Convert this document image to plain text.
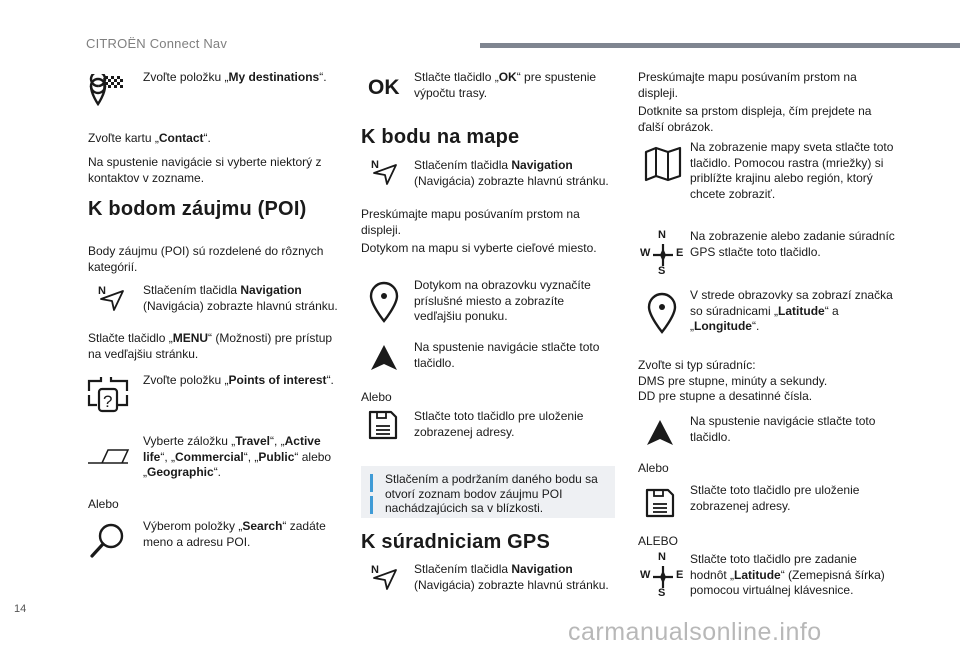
CITROËN Connect Nav
Zvoľte položku „My destinations“.
Zvoľte kartu „Contact“.
Na spustenie navigácie si vyberte niektorý z kontaktov v zozname.
K bodom záujmu (POI)
Body záujmu (POI) sú rozdelené do rôznych kategórií.
N	Stlačením tlačidla Navigation (Navigácia) zobrazte hlavnú stránku.
Stlačte tlačidlo „MENU“ (Možnosti) pre prístup na vedľajšiu stránku.
?
Zvoľte položku „Points of interest“.
Vyberte záložku „Travel“, „Active life“, „Commercial“, „Public“ alebo „Geographic“.
Alebo
Výberom položky „Search“ zadáte meno a adresu POI.
OK	Stlačte tlačidlo „OK“ pre spustenie výpočtu trasy.
K bodu na mape
N	Stlačením tlačidla Navigation (Navigácia) zobrazte hlavnú stránku.
Preskúmajte mapu posúvaním prstom na displeji.
Dotykom na mapu si vyberte cieľové miesto.
Dotykom na obrazovku vyznačíte príslušné miesto a zobrazíte vedľajšiu ponuku.
Na spustenie navigácie stlačte toto tlačidlo.
Alebo
Stlačte toto tlačidlo pre uloženie zobrazenej adresy.
Stlačením a podržaním daného bodu sa otvorí zoznam bodov záujmu POI nachádzajúcich sa v blízkosti.
K súradniciam GPS
N	Stlačením tlačidla Navigation (Navigácia) zobrazte hlavnú stránku.
Preskúmajte mapu posúvaním prstom na displeji.
Dotknite sa prstom displeja, čím prejdete na ďalší obrázok.
Na zobrazenie mapy sveta stlačte toto tlačidlo. Pomocou rastra (mriežky) si priblížte krajinu alebo región, ktorý chcete zobraziť.
N
S
W E
Na zobrazenie alebo zadanie súradníc GPS stlačte toto tlačidlo.
V strede obrazovky sa zobrazí značka so súradnicami „Latitude“ a „Longitude“.
Zvoľte si typ súradníc:
DMS pre stupne, minúty a sekundy.
DD pre stupne a desatinné čísla.
Na spustenie navigácie stlačte toto tlačidlo.
Alebo
Stlačte toto tlačidlo pre uloženie zobrazenej adresy.
ALEBO
N
S
W E
Stlačte toto tlačidlo pre zadanie hodnôt „Latitude“ (Zemepisná šírka) pomocou virtuálnej klávesnice.
14
carmanualsonline.info
